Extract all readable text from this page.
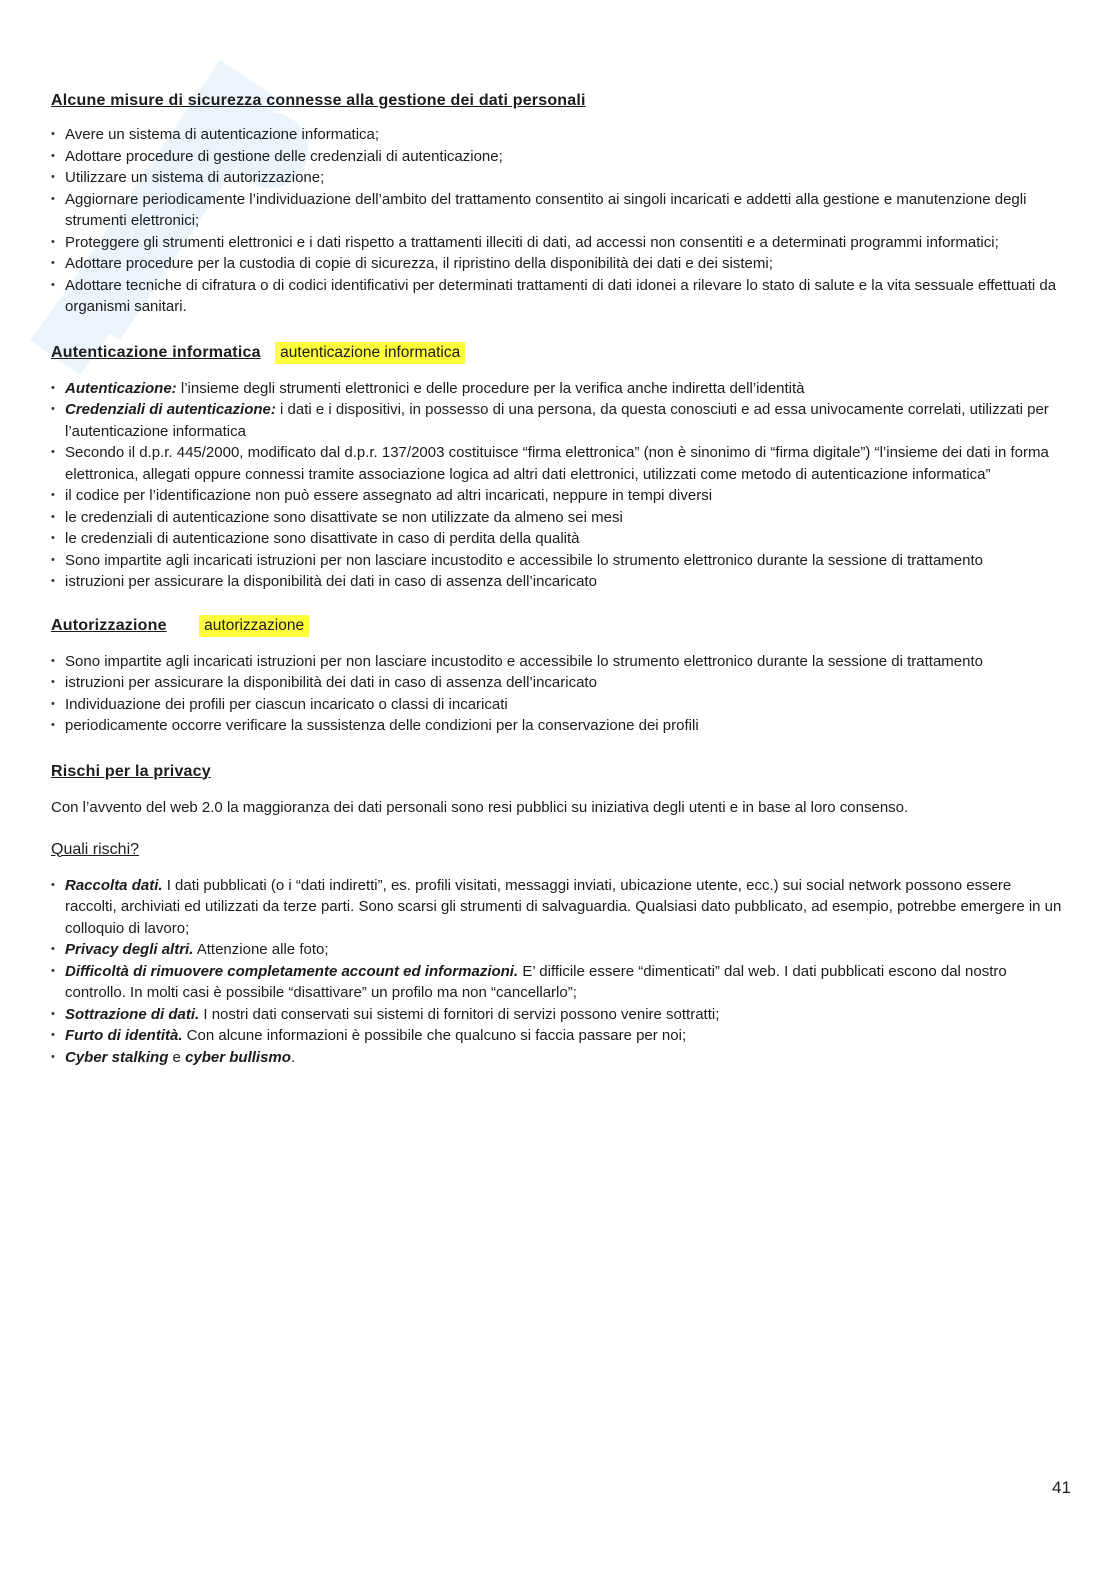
Alcune misure di sicurezza connesse alla gestione dei dati personali
• Avere un sistema di autenticazione informatica;
• Adottare procedure di gestione delle credenziali di autenticazione;
• Utilizzare un sistema di autorizzazione;
• Aggiornare periodicamente l’individuazione dell’ambito del trattamento consentito ai singoli incaricati e addetti alla gestione e manutenzione degli strumenti elettronici;
• Proteggere gli strumenti elettronici e i dati rispetto a trattamenti illeciti di dati, ad accessi non consentiti e a determinati programmi informatici;
• Adottare procedure per la custodia di copie di sicurezza, il ripristino della disponibilità dei dati e dei sistemi;
• Adottare tecniche di cifratura o di codici identificativi per determinati trattamenti di dati idonei a rilevare lo stato di salute e la vita sessuale effettuati da organismi sanitari.
Autenticazione informatica autenticazione informatica
• Autenticazione: l’insieme degli strumenti elettronici e delle procedure per la verifica anche indiretta dell’identità
• Credenziali di autenticazione: i dati e i dispositivi, in possesso di una persona, da questa conosciuti e ad essa univocamente correlati, utilizzati per l’autenticazione informatica
• Secondo il d.p.r. 445/2000, modificato dal d.p.r. 137/2003 costituisce “firma elettronica” (non è sinonimo di “firma digitale”) “l’insieme dei dati in forma elettronica, allegati oppure connessi tramite associazione logica ad altri dati elettronici, utilizzati come metodo di autenticazione informatica”
• il codice per l’identificazione non può essere assegnato ad altri incaricati, neppure in tempi diversi
• le credenziali di autenticazione sono disattivate se non utilizzate da almeno sei mesi
• le credenziali di autenticazione sono disattivate in caso di perdita della qualità
• Sono impartite agli incaricati istruzioni per non lasciare incustodito e accessibile lo strumento elettronico durante la sessione di trattamento
• istruzioni per assicurare la disponibilità dei dati in caso di assenza dell’incaricato
Autorizzazione autorizzazione
• Sono impartite agli incaricati istruzioni per non lasciare incustodito e accessibile lo strumento elettronico durante la sessione di trattamento
• istruzioni per assicurare la disponibilità dei dati in caso di assenza dell’incaricato
• Individuazione dei profili per ciascun incaricato o classi di incaricati
• periodicamente occorre verificare la sussistenza delle condizioni per la conservazione dei profili
Rischi per la privacy

Con l’avvento del web 2.0 la maggioranza dei dati personali sono resi pubblici su iniziativa degli utenti e in base al loro consenso.

Quali rischi?
• Raccolta dati. I dati pubblicati (o i “dati indiretti”, es. profili visitati, messaggi inviati, ubicazione utente, ecc.) sui social network possono essere raccolti, archiviati ed utilizzati da terze parti. Sono scarsi gli strumenti di salvaguardia. Qualsiasi dato pubblicato, ad esempio, potrebbe emergere in un colloquio di lavoro;
• Privacy degli altri. Attenzione alle foto;
• Difficoltà di rimuovere completamente account ed informazioni. E’ difficile essere “dimenticati” dal web. I dati pubblicati escono dal nostro controllo. In molti casi è possibile “disattivare” un profilo ma non “cancellarlo”;
• Sottrazione di dati. I nostri dati conservati sui sistemi di fornitori di servizi possono venire sottratti;
• Furto di identità. Con alcune informazioni è possibile che qualcuno si faccia passare per noi;
• Cyber stalking e cyber bullismo.
41
